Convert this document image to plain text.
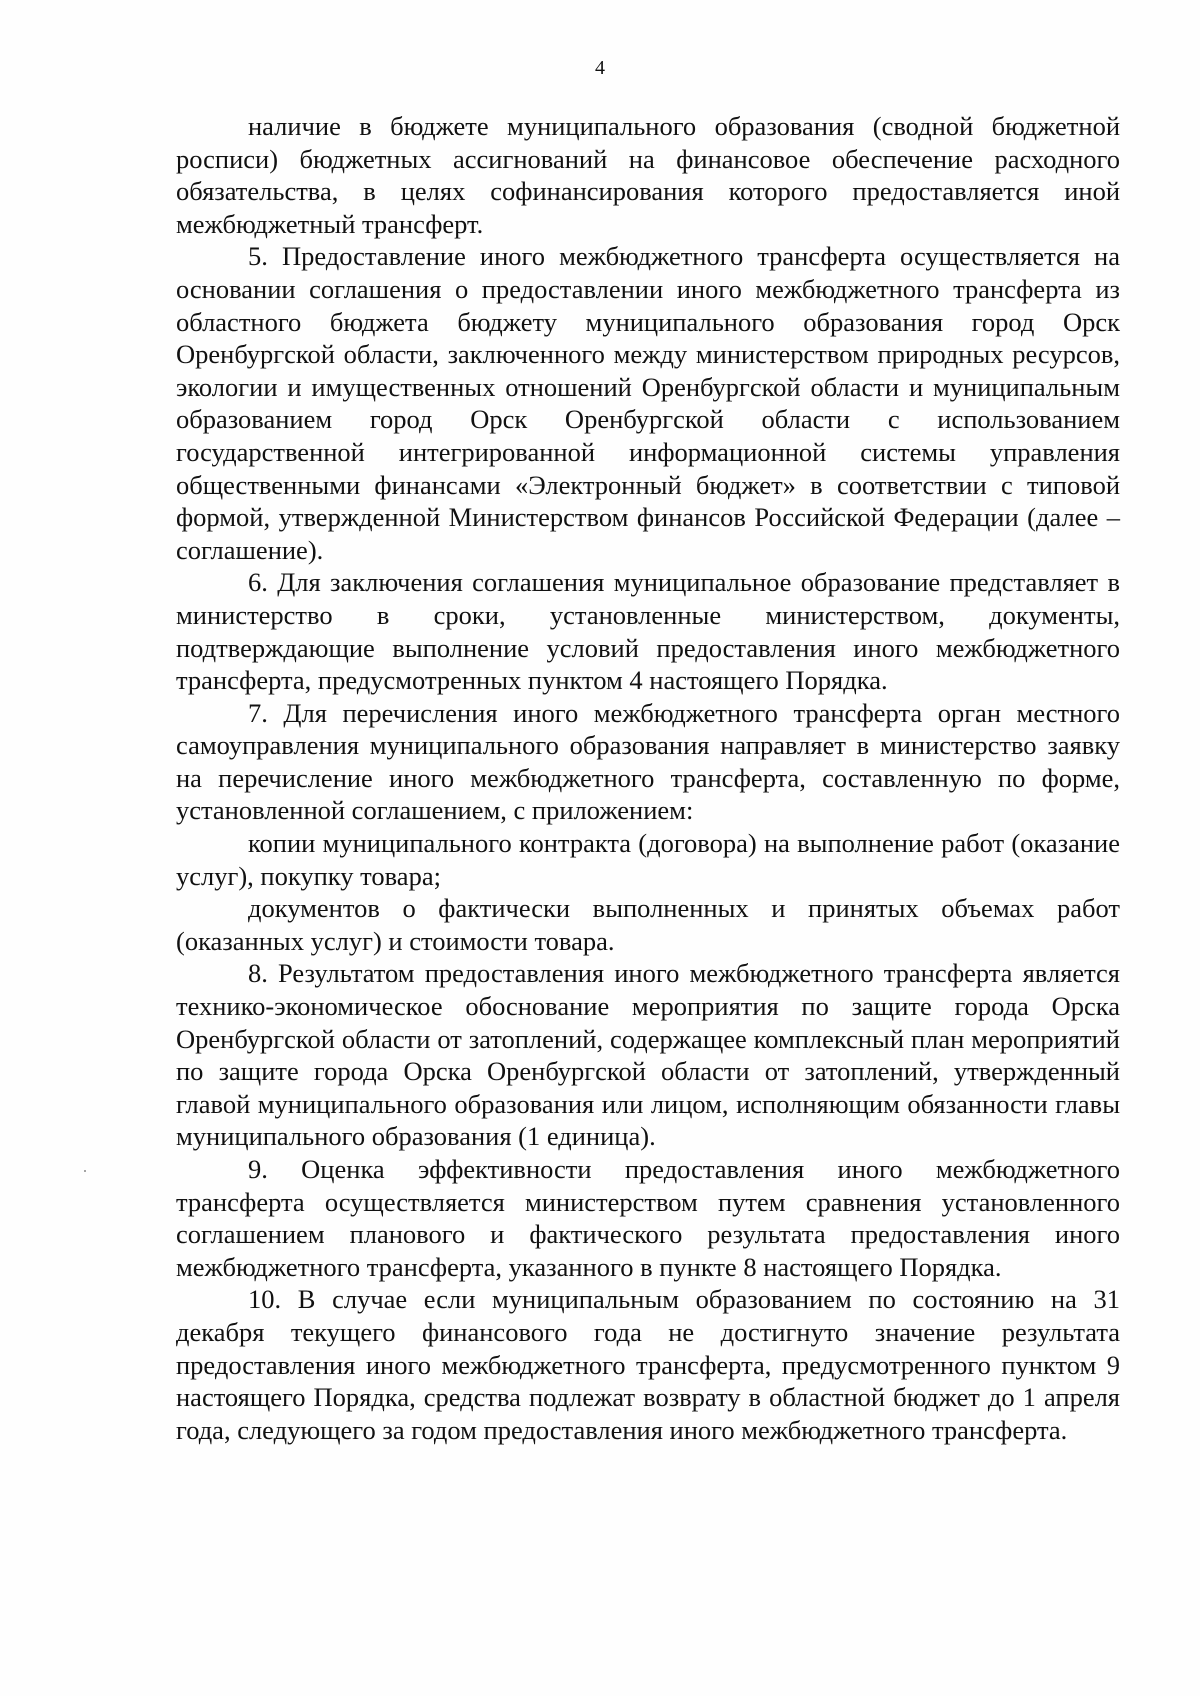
4

наличие в бюджете муниципального образования (сводной бюджетной росписи) бюджетных ассигнований на финансовое обеспечение расходного обязательства, в целях софинансирования которого предоставляется иной межбюджетный трансферт.

5. Предоставление иного межбюджетного трансферта осуществляется на основании соглашения о предоставлении иного межбюджетного трансферта из областного бюджета бюджету муниципального образования город Орск Оренбургской области, заключенного между министерством природных ресурсов, экологии и имущественных отношений Оренбургской области и муниципальным образованием город Орск Оренбургской области с использованием государственной интегрированной информационной системы управления общественными финансами «Электронный бюджет» в соответствии с типовой формой, утвержденной Министерством финансов Российской Федерации (далее – соглашение).

6. Для заключения соглашения муниципальное образование представляет в министерство в сроки, установленные министерством, документы, подтверждающие выполнение условий предоставления иного межбюджетного трансферта, предусмотренных пунктом 4 настоящего Порядка.

7. Для перечисления иного межбюджетного трансферта орган местного самоуправления муниципального образования направляет в министерство заявку на перечисление иного межбюджетного трансферта, составленную по форме, установленной соглашением, с приложением:

копии муниципального контракта (договора) на выполнение работ (оказание услуг), покупку товара;

документов о фактически выполненных и принятых объемах работ (оказанных услуг) и стоимости товара.

8. Результатом предоставления иного межбюджетного трансферта является технико-экономическое обоснование мероприятия по защите города Орска Оренбургской области от затоплений, содержащее комплексный план мероприятий по защите города Орска Оренбургской области от затоплений, утвержденный главой муниципального образования или лицом, исполняющим обязанности главы муниципального образования (1 единица).

9. Оценка эффективности предоставления иного межбюджетного трансферта осуществляется министерством путем сравнения установленного соглашением планового и фактического результата предоставления иного межбюджетного трансферта, указанного в пункте 8 настоящего Порядка.

10. В случае если муниципальным образованием по состоянию на 31 декабря текущего финансового года не достигнуто значение результата предоставления иного межбюджетного трансферта, предусмотренного пунктом 9 настоящего Порядка, средства подлежат возврату в областной бюджет до 1 апреля года, следующего за годом предоставления иного межбюджетного трансферта.
